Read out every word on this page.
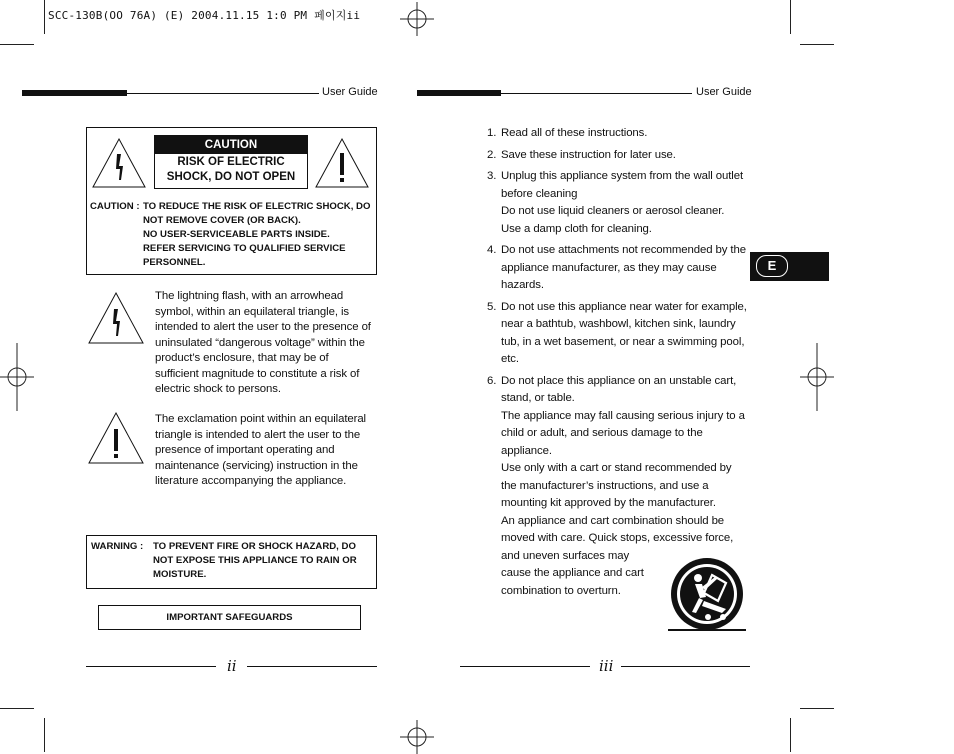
SCC-130B(OO 76A) (E) 2004.11.15 1:0 PM 페이지ii
User Guide
CAUTION
RISK OF ELECTRIC
SHOCK, DO NOT OPEN
CAUTION : TO REDUCE THE RISK OF ELECTRIC SHOCK, DO
NOT REMOVE COVER (OR BACK).
NO USER-SERVICEABLE PARTS INSIDE.
REFER SERVICING TO QUALIFIED SERVICE
PERSONNEL.
The lightning flash, with an arrowhead symbol, within an equilateral triangle, is intended to alert the user to the presence of uninsulated “dangerous voltage” within the product’s enclosure, that may be of sufficient magnitude to constitute a risk of electric shock to persons.
The exclamation point within an equilateral triangle is intended to alert the user to the presence of important operating and maintenance (servicing) instruction in the literature accompanying the appliance.
WARNING : TO PREVENT FIRE OR SHOCK HAZARD, DO
NOT EXPOSE THIS APPLIANCE TO RAIN OR
MOISTURE.
IMPORTANT SAFEGUARDS
ii
User Guide
1. Read all of these instructions.
2. Save these instruction for later use.
3. Unplug this appliance system from the wall outlet before cleaning
Do not use liquid cleaners or aerosol cleaner.
Use a damp cloth for cleaning.
4. Do not use attachments not recommended by the appliance manufacturer, as they may cause hazards.
5. Do not use this appliance near water for example, near a bathtub, washbowl, kitchen sink, laundry tub, in a wet basement, or near a swimming pool, etc.
6. Do not place this appliance on an unstable cart, stand, or table.
The appliance may fall causing serious injury to a child or adult, and serious damage to the appliance.
Use only with a cart or stand recommended by the manufacturer’s instructions, and use a mounting kit approved by the manufacturer.
An appliance and cart combination should be moved with care. Quick stops, excessive force, and uneven surfaces may
cause the appliance and cart
combination to overturn.
E
iii
